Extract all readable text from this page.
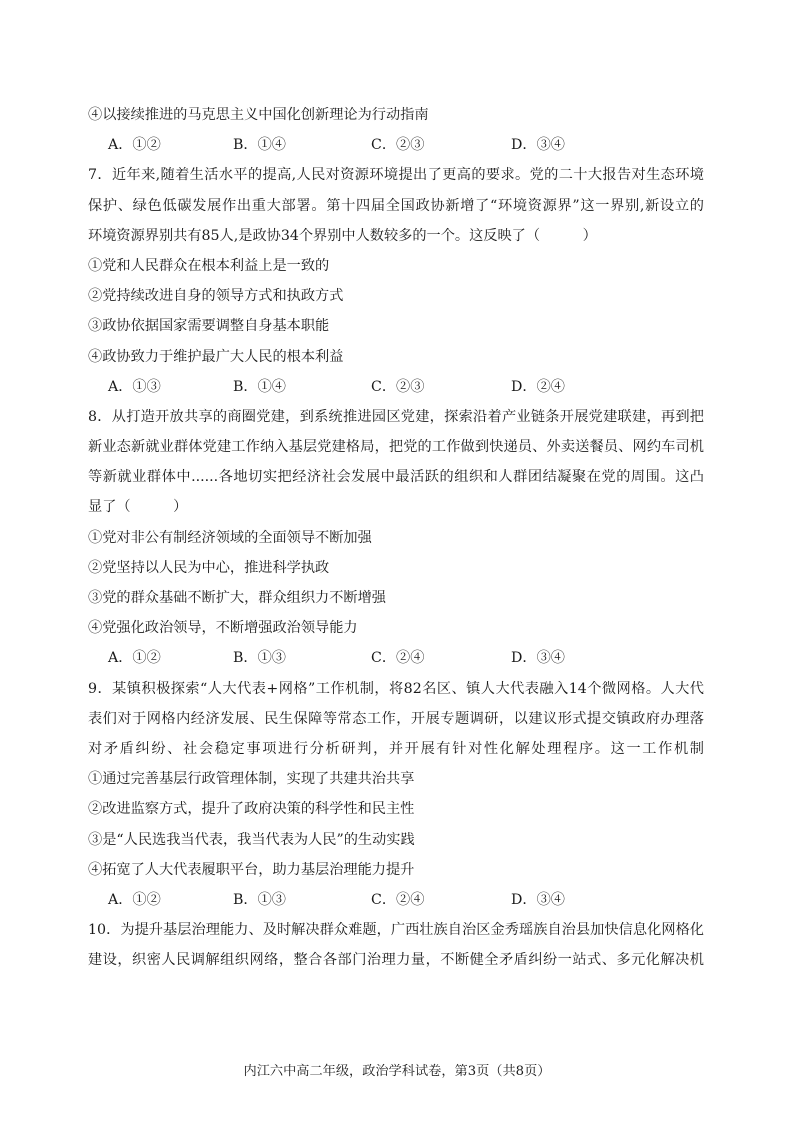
④以接续推进的马克思主义中国化创新理论为行动指南
A．①②	B．①④	C．②③	D．③④
7．近年来,随着生活水平的提高,人民对资源环境提出了更高的要求。党的二十大报告对生态环境
保护、绿色低碳发展作出重大部署。第十四届全国政协新增了“环境资源界”这一界别,新设立的
环境资源界别共有85人,是政协34个界别中人数较多的一个。这反映了（　　　）
①党和人民群众在根本利益上是一致的
②党持续改进自身的领导方式和执政方式
③政协依据国家需要调整自身基本职能
④政协致力于维护最广大人民的根本利益
A．①③	B．①④	C．②③	D．②④
8．从打造开放共享的商圈党建，到系统推进园区党建，探索沿着产业链条开展党建联建，再到把
新业态新就业群体党建工作纳入基层党建格局，把党的工作做到快递员、外卖送餐员、网约车司机
等新就业群体中......各地切实把经济社会发展中最活跃的组织和人群团结凝聚在党的周围。这凸
显了（　　　）
①党对非公有制经济领域的全面领导不断加强
②党坚持以人民为中心，推进科学执政
③党的群众基础不断扩大，群众组织力不断增强
④党强化政治领导，不断增强政治领导能力
A．①②	B．①③	C．②④	D．③④
9．某镇积极探索“人大代表+网格”工作机制，将82名区、镇人大代表融入14个微网格。人大代
表们对于网格内经济发展、民生保障等常态工作，开展专题调研，以建议形式提交镇政府办理落
对矛盾纠纷、社会稳定事项进行分析研判，并开展有针对性化解处理程序。这一工作机制　　　
①通过完善基层行政管理体制，实现了共建共治共享
②改进监察方式，提升了政府决策的科学性和民主性
③是“人民选我当代表，我当代表为人民”的生动实践
④拓宽了人大代表履职平台，助力基层治理能力提升
A．①②	B．①③	C．②④	D．③④
10．为提升基层治理能力、及时解决群众难题，广西壮族自治区金秀瑶族自治县加快信息化网格化
建设，织密人民调解组织网络，整合各部门治理力量，不断健全矛盾纠纷一站式、多元化解决机
内江六中高二年级，政治学科试卷，第3页（共8页）
